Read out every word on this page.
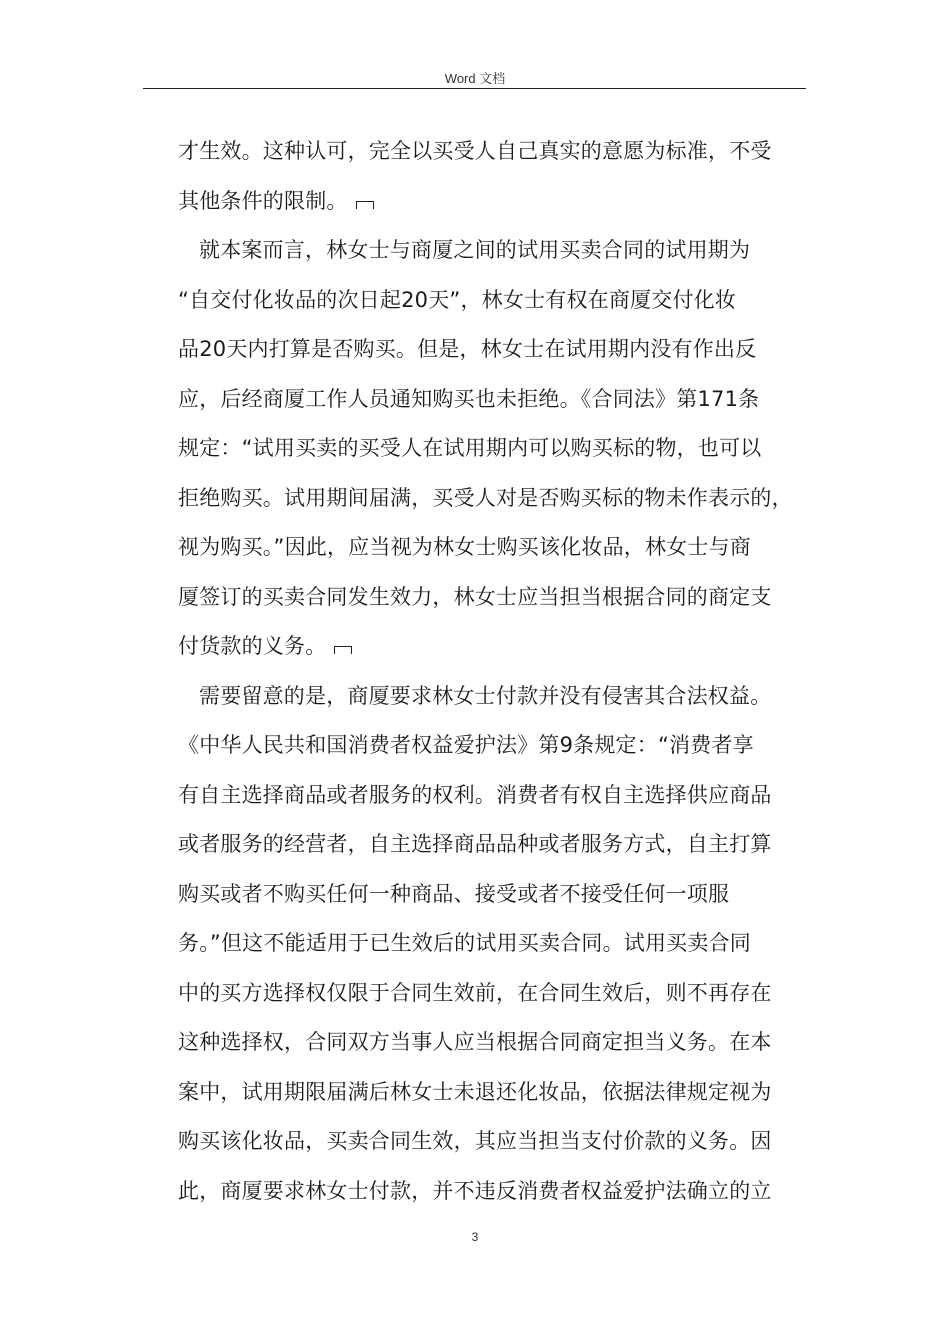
Word 文档
才生效。这种认可，完全以买受人自己真实的意愿为标准，不受
其他条件的限制。
就本案而言，林女士与商厦之间的试用买卖合同的试用期为
“自交付化妆品的次日起20天”，林女士有权在商厦交付化妆
品20天内打算是否购买。但是，林女士在试用期内没有作出反
应，后经商厦工作人员通知购买也未拒绝。《合同法》第171条
规定：“试用买卖的买受人在试用期内可以购买标的物，也可以
拒绝购买。试用期间届满，买受人对是否购买标的物未作表示的，
视为购买。”因此，应当视为林女士购买该化妆品，林女士与商
厦签订的买卖合同发生效力，林女士应当担当根据合同的商定支
付货款的义务。
需要留意的是，商厦要求林女士付款并没有侵害其合法权益。
《中华人民共和国消费者权益爱护法》第9条规定：“消费者享
有自主选择商品或者服务的权利。消费者有权自主选择供应商品
或者服务的经营者，自主选择商品品种或者服务方式，自主打算
购买或者不购买任何一种商品、接受或者不接受任何一项服
务。”但这不能适用于已生效后的试用买卖合同。试用买卖合同
中的买方选择权仅限于合同生效前，在合同生效后，则不再存在
这种选择权，合同双方当事人应当根据合同商定担当义务。在本
案中，试用期限届满后林女士未退还化妆品，依据法律规定视为
购买该化妆品，买卖合同生效，其应当担当支付价款的义务。因
此，商厦要求林女士付款，并不违反消费者权益爱护法确立的立
3
